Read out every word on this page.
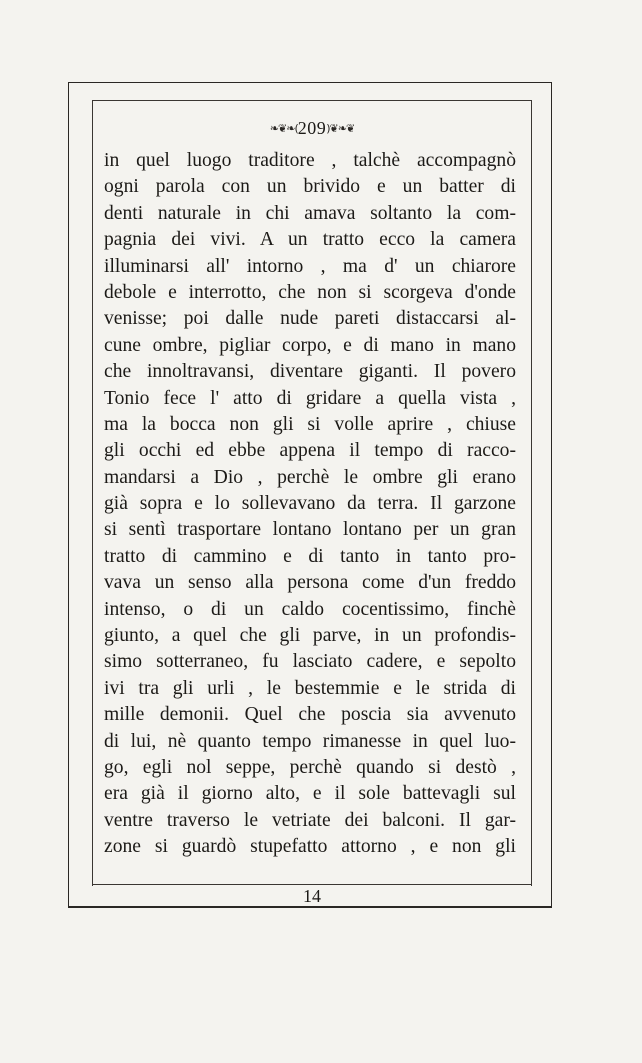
❧❦❧(209)❦❧❦
in quel luogo traditore , talchè accompagnò
ogni parola con un brivido e un batter di
denti naturale in chi amava soltanto la com-
pagnia dei vivi. A un tratto ecco la camera
illuminarsi all' intorno , ma d' un chiarore
debole e interrotto, che non si scorgeva d'onde
venisse; poi dalle nude pareti distaccarsi al-
cune ombre, pigliar corpo, e di mano in mano
che innoltravansi, diventare giganti. Il povero
Tonio fece l' atto di gridare a quella vista ,
ma la bocca non gli si volle aprire , chiuse
gli occhi ed ebbe appena il tempo di racco-
mandarsi a Dio , perchè le ombre gli erano
già sopra e lo sollevavano da terra. Il garzone
si sentì trasportare lontano lontano per un gran
tratto di cammino e di tanto in tanto pro-
vava un senso alla persona come d'un freddo
intenso, o di un caldo cocentissimo, finchè
giunto, a quel che gli parve, in un profondis-
simo sotterraneo, fu lasciato cadere, e sepolto
ivi tra gli urli , le bestemmie e le strida di
mille demonii. Quel che poscia sia avvenuto
di lui, nè quanto tempo rimanesse in quel luo-
go, egli nol seppe, perchè quando si destò ,
era già il giorno alto, e il sole battevagli sul
ventre traverso le vetriate dei balconi. Il gar-
zone si guardò stupefatto attorno , e non gli
14
